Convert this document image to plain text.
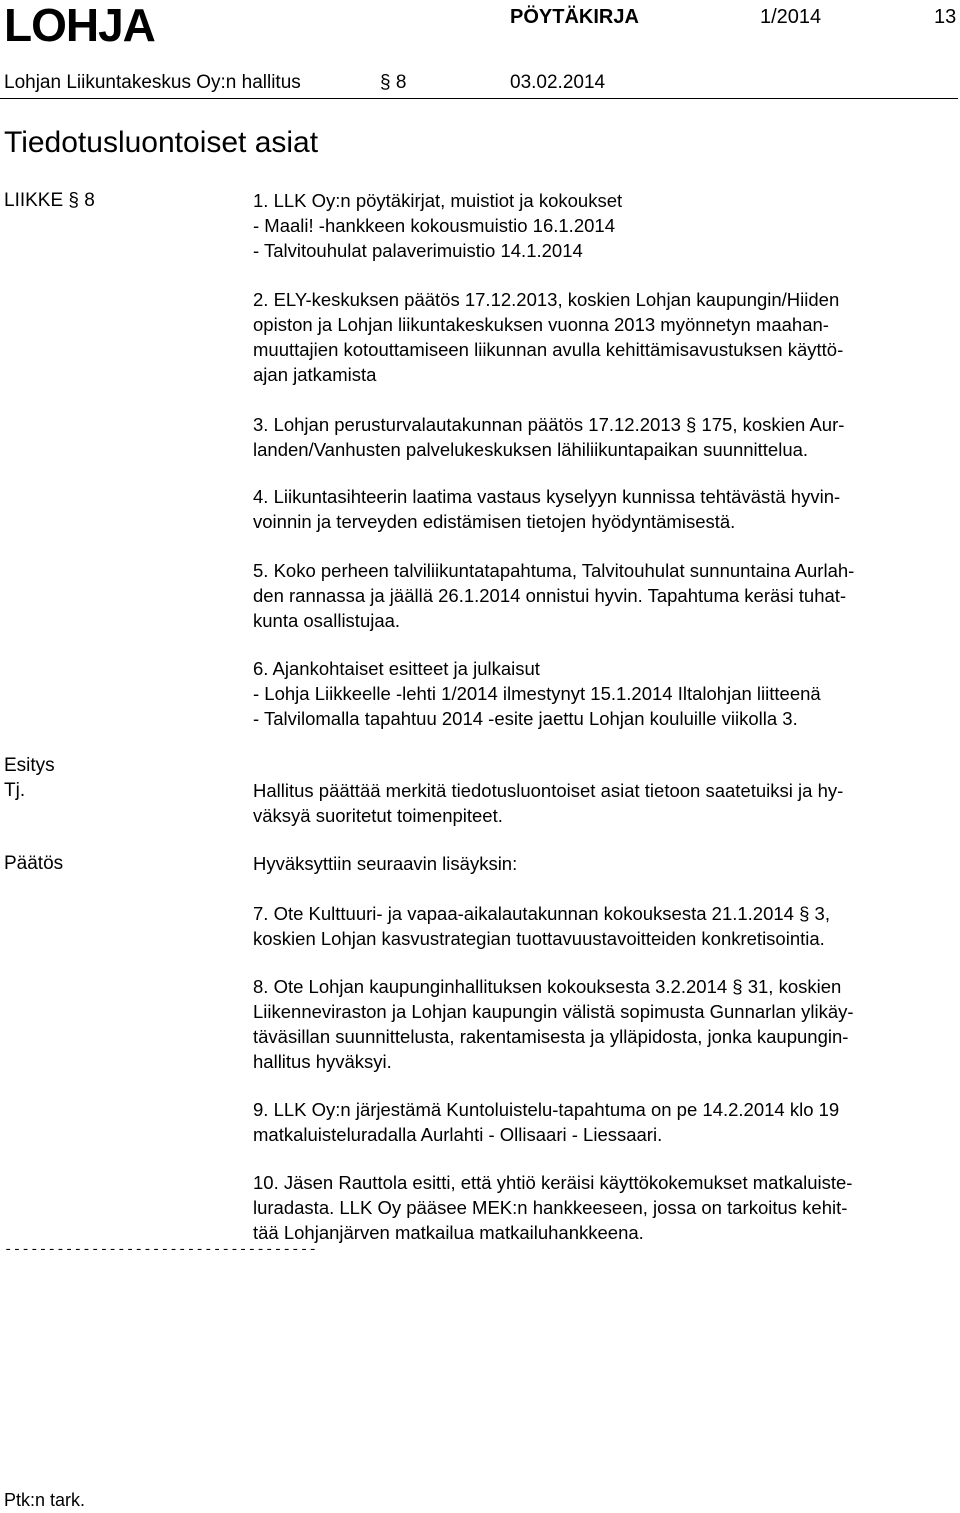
LOHJA	PÖYTÄKIRJA	1/2014	13
Lohjan Liikuntakeskus Oy:n hallitus	§ 8	03.02.2014
Tiedotusluontoiset asiat
LIIKKE § 8	1. LLK Oy:n pöytäkirjat, muistiot ja kokoukset
- Maali! -hankkeen kokousmuistio 16.1.2014
- Talvitouhulat palaverimuistio 14.1.2014
2. ELY-keskuksen päätös 17.12.2013, koskien Lohjan kaupungin/Hiiden
opiston ja Lohjan liikuntakeskuksen vuonna 2013 myönnetyn maahan-
muuttajien kotouttamiseen liikunnan avulla kehittämisavustuksen käyttö-
ajan jatkamista
3. Lohjan perusturvalautakunnan päätös 17.12.2013 § 175, koskien Aur-
landen/Vanhusten palvelukeskuksen lähiliikuntapaikan suunnittelua.
4. Liikuntasihteerin laatima vastaus kyselyyn kunnissa tehtävästä hyvin-
voinnin ja terveyden edistämisen tietojen hyödyntämisestä.
5. Koko perheen talviliikuntatapahtuma, Talvitouhulat sunnuntaina Aurlah-
den rannassa ja jäällä 26.1.2014 onnistui hyvin. Tapahtuma keräsi tuhat-
kunta osallistujaa.
6. Ajankohtaiset esitteet ja julkaisut
- Lohja Liikkeelle -lehti 1/2014 ilmestynyt 15.1.2014 Iltalohjan liitteenä
- Talvilomalla tapahtuu 2014 -esite jaettu Lohjan kouluille viikolla 3.
Esitys
Tj.	Hallitus päättää merkitä tiedotusluontoiset asiat tietoon saatetuiksi ja hy-
väksyä suoritetut toimenpiteet.
Päätös	Hyväksyttiin seuraavin lisäyksin:
7. Ote Kulttuuri- ja vapaa-aikalautakunnan kokouksesta 21.1.2014 § 3,
koskien Lohjan kasvustrategian tuottavuustavoitteiden konkretisointia.
8. Ote Lohjan kaupunginhallituksen kokouksesta 3.2.2014 § 31, koskien
Liikenneviraston ja Lohjan kaupungin välistä sopimusta Gunnarlan ylikäy-
täväsillan suunnittelusta, rakentamisesta ja ylläpidosta, jonka kaupungin-
hallitus hyväksyi.
9. LLK Oy:n järjestämä Kuntoluistelu-tapahtuma on pe 14.2.2014 klo 19
matkaluisteluradalla Aurlahti - Ollisaari - Liessaari.
10. Jäsen Rauttola esitti, että yhtiö keräisi käyttökokemukset matkaluiste-
luradasta. LLK Oy pääsee MEK:n hankkeeseen, jossa on tarkoitus kehit-
tää Lohjanjärven matkailua matkailuhankkeena.
------------------------------------
Ptk:n tark.
